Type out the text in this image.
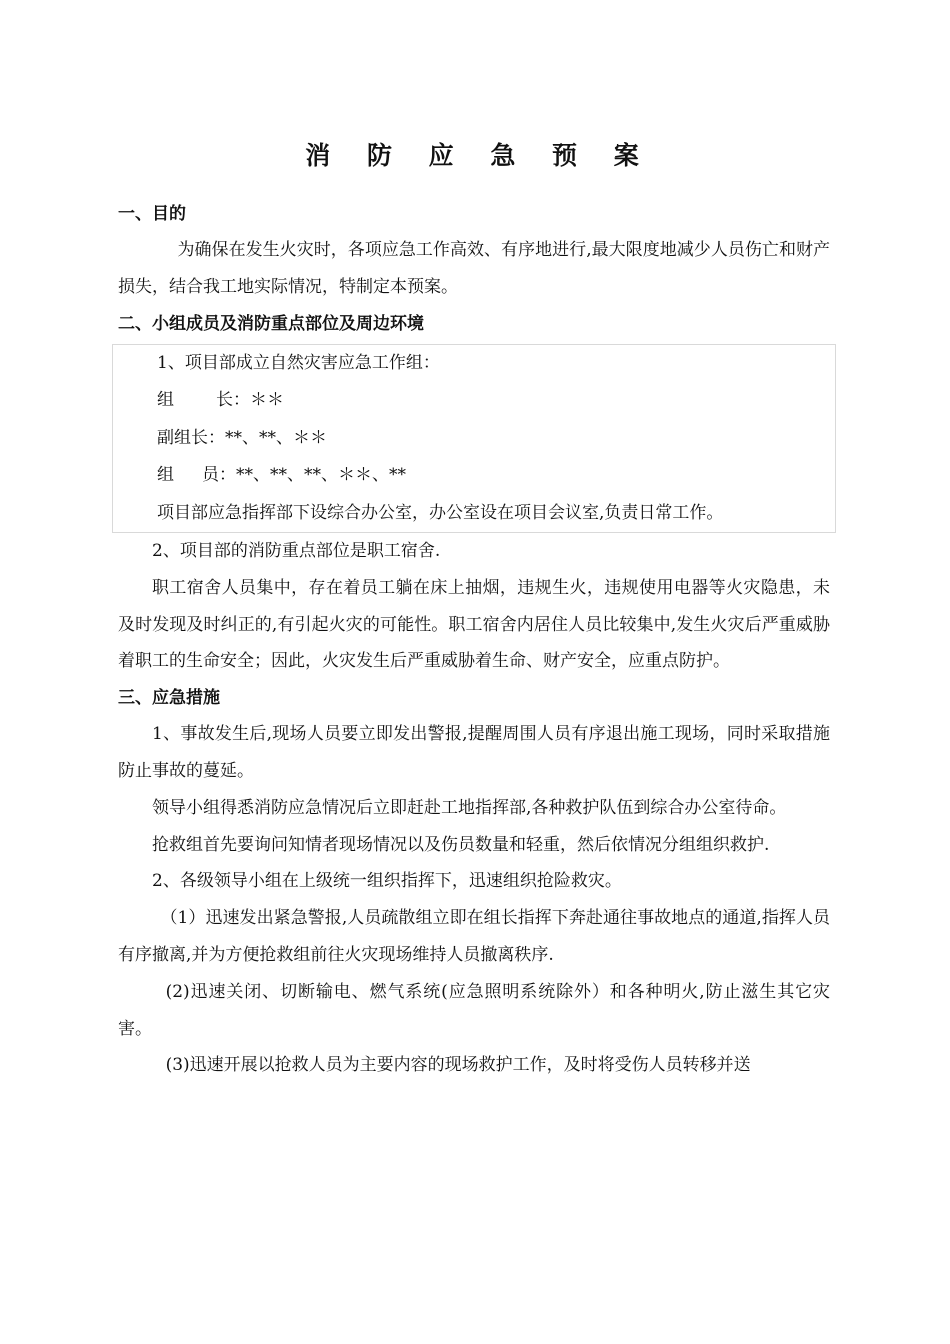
消 防 应 急 预 案

一、目的

为确保在发生火灾时，各项应急工作高效、有序地进行,最大限度地减少人员伤亡和财产损失，结合我工地实际情况，特制定本预案。

二、小组成员及消防重点部位及周边环境

1、项目部成立自然灾害应急工作组：

组 长：＊＊

副组长：**、**、＊＊

组 员：**、**、**、＊＊、**

项目部应急指挥部下设综合办公室，办公室设在项目会议室,负责日常工作。

2、项目部的消防重点部位是职工宿舍.

职工宿舍人员集中，存在着员工躺在床上抽烟，违规生火，违规使用电器等火灾隐患，未及时发现及时纠正的,有引起火灾的可能性。职工宿舍内居住人员比较集中,发生火灾后严重威胁着职工的生命安全；因此，火灾发生后严重威胁着生命、财产安全，应重点防护。

三、应急措施

1、事故发生后,现场人员要立即发出警报,提醒周围人员有序退出施工现场，同时采取措施防止事故的蔓延。

领导小组得悉消防应急情况后立即赶赴工地指挥部,各种救护队伍到综合办公室待命。

抢救组首先要询问知情者现场情况以及伤员数量和轻重，然后依情况分组组织救护.

2、各级领导小组在上级统一组织指挥下，迅速组织抢险救灾。

（1）迅速发出紧急警报,人员疏散组立即在组长指挥下奔赴通往事故地点的通道,指挥人员有序撤离,并为方便抢救组前往火灾现场维持人员撤离秩序.

(2)迅速关闭、切断输电、燃气系统(应急照明系统除外）和各种明火,防止滋生其它灾害。

(3)迅速开展以抢救人员为主要内容的现场救护工作，及时将受伤人员转移并送
